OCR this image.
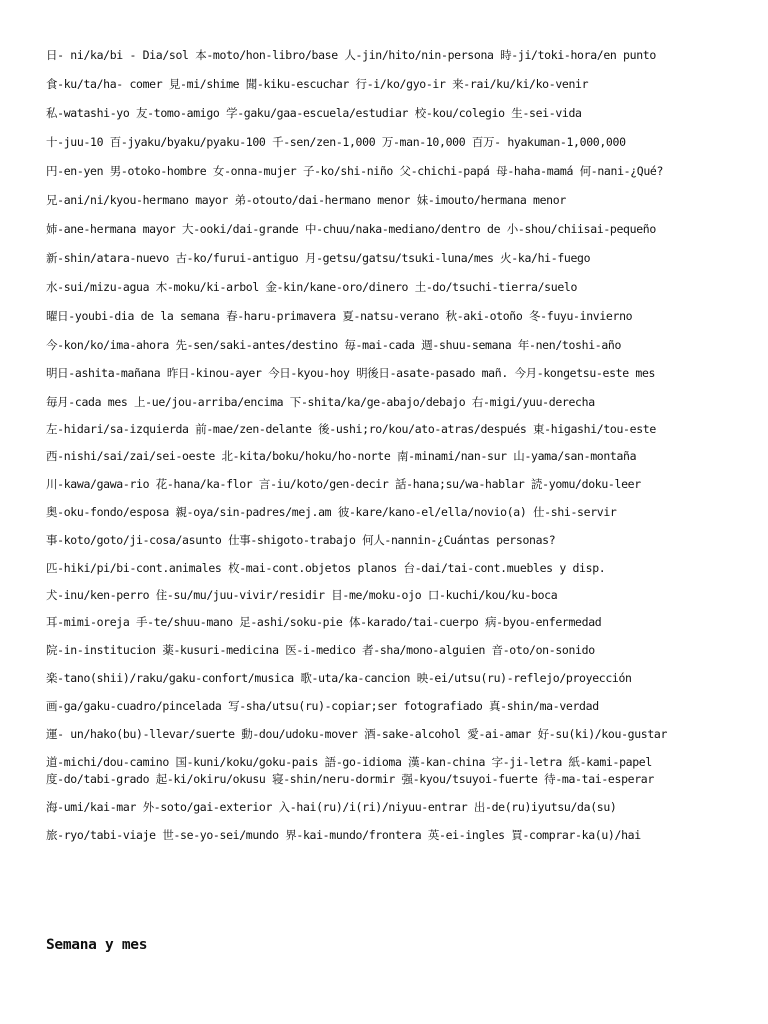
日- ni/ka/bi - Dia/sol 本-moto/hon-libro/base 人-jin/hito/nin-persona 時-ji/toki-hora/en punto

食-ku/ta/ha- comer 見-mi/shime 聞-kiku-escuchar 行-i/ko/gyo-ir 来-rai/ku/ki/ko-venir

私-watashi-yo 友-tomo-amigo 学-gaku/gaa-escuela/estudiar 校-kou/colegio 生-sei-vida

十-juu-10 百-jyaku/byaku/pyaku-100 千-sen/zen-1,000 万-man-10,000 百万- hyakuman-1,000,000

円-en-yen 男-otoko-hombre 女-onna-mujer 子-ko/shi-niño 父-chichi-papá 母-haha-mamá 何-nani-¿Qué?

兄-ani/ni/kyou-hermano mayor 弟-otouto/dai-hermano menor 妹-imouto/hermana menor

姉-ane-hermana mayor 大-ooki/dai-grande 中-chuu/naka-mediano/dentro de 小-shou/chiisai-pequeño

新-shin/atara-nuevo 古-ko/furui-antiguo 月-getsu/gatsu/tsuki-luna/mes 火-ka/hi-fuego

水-sui/mizu-agua 木-moku/ki-arbol 金-kin/kane-oro/dinero 土-do/tsuchi-tierra/suelo

曜日-youbi-dia de la semana 春-haru-primavera 夏-natsu-verano 秋-aki-otoño 冬-fuyu-invierno

今-kon/ko/ima-ahora 先-sen/saki-antes/destino 毎-mai-cada 週-shuu-semana 年-nen/toshi-año

明日-ashita-mañana 昨日-kinou-ayer 今日-kyou-hoy 明後日-asate-pasado mañ. 今月-kongetsu-este mes

毎月-cada mes 上-ue/jou-arriba/encima 下-shita/ka/ge-abajo/debajo 右-migi/yuu-derecha

左-hidari/sa-izquierda 前-mae/zen-delante 後-ushi;ro/kou/ato-atras/después 東-higashi/tou-este

西-nishi/sai/zai/sei-oeste 北-kita/boku/hoku/ho-norte 南-minami/nan-sur 山-yama/san-montaña

川-kawa/gawa-rio 花-hana/ka-flor 言-iu/koto/gen-decir 話-hana;su/wa-hablar 読-yomu/doku-leer

奥-oku-fondo/esposa 親-oya/sin-padres/mej.am 彼-kare/kano-el/ella/novio(a) 仕-shi-servir

事-koto/goto/ji-cosa/asunto 仕事-shigoto-trabajo 何人-nannin-¿Cuántas personas?

匹-hiki/pi/bi-cont.animales 枚-mai-cont.objetos planos 台-dai/tai-cont.muebles y disp.

犬-inu/ken-perro 住-su/mu/juu-vivir/residir 目-me/moku-ojo 口-kuchi/kou/ku-boca

耳-mimi-oreja 手-te/shuu-mano 足-ashi/soku-pie 体-karado/tai-cuerpo 病-byou-enfermedad

院-in-institucion 薬-kusuri-medicina 医-i-medico 者-sha/mono-alguien 音-oto/on-sonido

楽-tano(shii)/raku/gaku-confort/musica 歌-uta/ka-cancion 映-ei/utsu(ru)-reflejo/proyección

画-ga/gaku-cuadro/pincelada 写-sha/utsu(ru)-copiar;ser fotografiado 真-shin/ma-verdad

運- un/hako(bu)-llevar/suerte 動-dou/udoku-mover 酒-sake-alcohol 愛-ai-amar 好-su(ki)/kou-gustar

道-michi/dou-camino 国-kuni/koku/goku-pais 語-go-idioma 漢-kan-china 字-ji-letra 紙-kami-papel

度-do/tabi-grado 起-ki/okiru/okusu 寝-shin/neru-dormir 强-kyou/tsuyoi-fuerte 待-ma-tai-esperar

海-umi/kai-mar 外-soto/gai-exterior 入-hai(ru)/i(ri)/niyuu-entrar 出-de(ru)iyutsu/da(su)

旅-ryo/tabi-viaje 世-se-yo-sei/mundo 界-kai-mundo/frontera 英-ei-ingles 買-comprar-ka(u)/hai

Semana y mes
